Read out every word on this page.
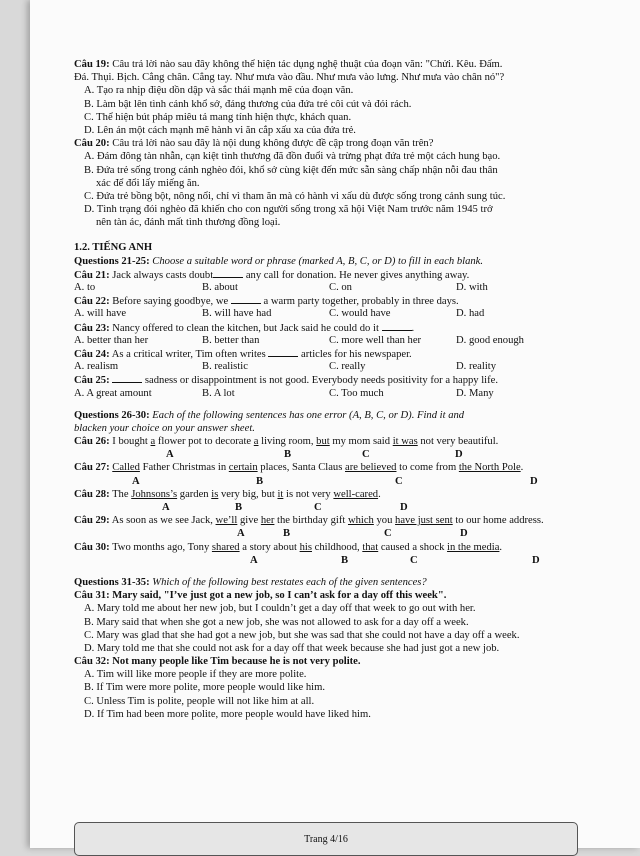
Câu 19: Câu trả lời nào sau đây không thể hiện tác dụng nghệ thuật của đoạn văn: "Chửi. Kêu. Đấm.
Đá. Thụi. Bịch. Cẳng chân. Cẳng tay. Như mưa vào đầu. Như mưa vào lưng. Như mưa vào chân nó"?
A. Tạo ra nhịp điệu dồn dập và sắc thái mạnh mẽ của đoạn văn.
B. Làm bật lên tình cảnh khổ sở, đáng thương của đứa trẻ côi cút và đói rách.
C. Thể hiện bút pháp miêu tả mang tính hiện thực, khách quan.
D. Lên án một cách mạnh mẽ hành vi ăn cắp xấu xa của đứa trẻ.
Câu 20: Câu trả lời nào sau đây là nội dung không được đề cập trong đoạn văn trên?
A. Đám đông tàn nhẫn, cạn kiệt tình thương đã đồn đuổi và trừng phạt đứa trẻ một cách hung bạo.
B. Đứa trẻ sống trong cảnh nghèo đói, khổ sở cùng kiệt đến mức sẵn sàng chấp nhận nỗi đau thân
xác để đổi lấy miếng ăn.
C. Đứa trẻ bồng bột, nông nổi, chỉ vì tham ăn mà có hành vi xấu dù được sống trong cảnh sung túc.
D. Tình trạng đói nghèo đã khiến cho con người sống trong xã hội Việt Nam trước năm 1945 trở
nên tàn ác, đánh mất tình thương đồng loại.
1.2. TIẾNG ANH
Questions 21-25: Choose a suitable word or phrase (marked A, B, C, or D) to fill in each blank.
Câu 21: Jack always casts doubt	any call for donation. He never gives anything away.
A. to	B. about	C. on	D. with
Câu 22: Before saying goodbye, we	a warm party together, probably in three days.
A. will have	B. will have had	C. would have	D. had
Câu 23: Nancy offered to clean the kitchen, but Jack said he could do it	.
A. better than her	B. better than	C. more well than her	D. good enough
Câu 24: As a critical writer, Tim often writes	articles for his newspaper.
A. realism	B. realistic	C. really	D. reality
Câu 25:	sadness or disappointment is not good. Everybody needs positivity for a happy life.
A. A great amount	B. A lot	C. Too much	D. Many
Questions 26-30: Each of the following sentences has one error (A, B, C, or D). Find it and
blacken your choice on your answer sheet.
Câu 26: I bought a flower pot to decorate a living room, but my mom said it was not very beautiful.
A	B	C	D
Câu 27: Called Father Christmas in certain places, Santa Claus are believed to come from the North Pole.
A	B	C	D
Câu 28: The Johnsons’s garden is very big, but it is not very well-cared.
A	B	C	D
Câu 29: As soon as we see Jack, we’ll give her the birthday gift which you have just sent to our home address.
A	B	C	D
Câu 30: Two months ago, Tony shared a story about his childhood, that caused a shock in the media.
A	B	C	D
Questions 31-35: Which of the following best restates each of the given sentences?
Câu 31: Mary said, "I’ve just got a new job, so I can’t ask for a day off this week".
A. Mary told me about her new job, but I couldn’t get a day off that week to go out with her.
B. Mary said that when she got a new job, she was not allowed to ask for a day off a week.
C. Mary was glad that she had got a new job, but she was sad that she could not have a day off a week.
D. Mary told me that she could not ask for a day off that week because she had just got a new job.
Câu 32: Not many people like Tim because he is not very polite.
A. Tim will like more people if they are more polite.
B. If Tim were more polite, more people would like him.
C. Unless Tim is polite, people will not like him at all.
D. If Tim had been more polite, more people would have liked him.
Trang 4/16
